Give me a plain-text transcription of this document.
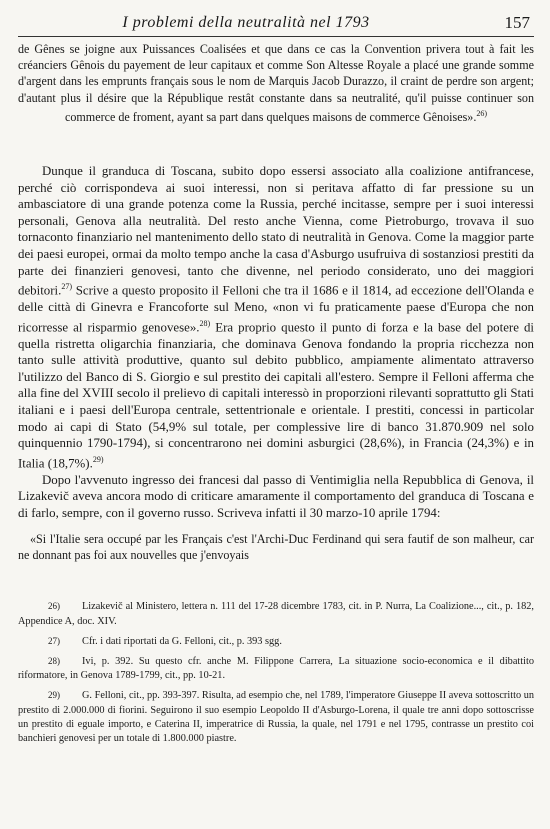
I problemi della neutralità nel 1793	157
de Gênes se joigne aux Puissances Coalisées et que dans ce cas la Convention privera tout à fait les créanciers Gênois du payement de leur capitaux et comme Son Altesse Royale a placé une grande somme d'argent dans les emprunts français sous le nom de Marquis Jacob Durazzo, il craint de perdre son argent; d'autant plus il désire que la République restât constante dans sa neutralité, qu'il puisse continuer son commerce de froment, ayant sa part dans quelques maisons de commerce Gênoises».$^{26)}$

Dunque il granduca di Toscana, subito dopo essersi associato alla coalizione antifrancese, perché ciò corrispondeva ai suoi interessi, non si peritava affatto di far pressione su un ambasciatore di una grande potenza come la Russia, perché incitasse, sempre per i suoi interessi personali, Genova alla neutralità. Del resto anche Vienna, come Pietroburgo, trovava il suo tornaconto finanziario nel mantenimento dello stato di neutralità in Genova. Come la maggior parte dei paesi europei, ormai da molto tempo anche la casa d'Asburgo usufruiva di sostanziosi prestiti da parte dei finanzieri genovesi, tanto che divenne, nel periodo considerato, uno dei maggiori debitori.$^{27)}$ Scrive a questo proposito il Felloni che tra il 1686 e il 1814, ad eccezione dell'Olanda e delle città di Ginevra e Francoforte sul Meno, «non vi fu praticamente paese d'Europa che non ricorresse al risparmio genovese».$^{28)}$ Era proprio questo il punto di forza e la base del potere di quella ristretta oligarchia finanziaria, che dominava Genova fondando la propria ricchezza non tanto sulle attività produttive, quanto sul debito pubblico, ampiamente alimentato attraverso l'utilizzo del Banco di S. Giorgio e sul prestito dei capitali all'estero. Sempre il Felloni afferma che alla fine del XVIII secolo il prelievo di capitali interessò in proporzioni rilevanti soprattutto gli Stati italiani e i paesi dell'Europa centrale, settentrionale e orientale. I prestiti, concessi in particolar modo ai capi di Stato (54,9% sul totale, per complessive lire di banco 31.870.909 nel solo quinquennio 1790-1794), si concentrarono nei domini asburgici (28,6%), in Francia (24,3%) e in Italia (18,7%).$^{29)}$

Dopo l'avvenuto ingresso dei francesi dal passo di Ventimiglia nella Repubblica di Genova, il Lizakevič aveva ancora modo di criticare amaramente il comportamento del granduca di Toscana e di farlo, sempre, con il governo russo. Scriveva infatti il 30 marzo-10 aprile 1794:

«Si l'Italie sera occupé par les Français c'est l'Archi-Duc Ferdinand qui sera fautif de son malheur, car ne donnant pas foi aux nouvelles que j'envoyais

26) Lizakevič al Ministero, lettera n. 111 del 17-28 dicembre 1783, cit. in P. Nurra, La Coalizione..., cit., p. 182, Appendice A, doc. XIV.
27) Cfr. i dati riportati da G. Felloni, cit., p. 393 sgg.
28) Ivi, p. 392. Su questo cfr. anche M. Filippone Carrera, La situazione socio-economica e il dibattito riformatore, in Genova 1789-1799, cit., pp. 10-21.
29) G. Felloni, cit., pp. 393-397. Risulta, ad esempio che, nel 1789, l'imperatore Giuseppe II aveva sottoscritto un prestito di 2.000.000 di fiorini. Seguirono il suo esempio Leopoldo II d'Asburgo-Lorena, il quale tre anni dopo sottoscrisse un prestito di eguale importo, e Caterina II, imperatrice di Russia, la quale, nel 1791 e nel 1795, contrasse un prestito coi banchieri genovesi per un totale di 1.800.000 piastre.
